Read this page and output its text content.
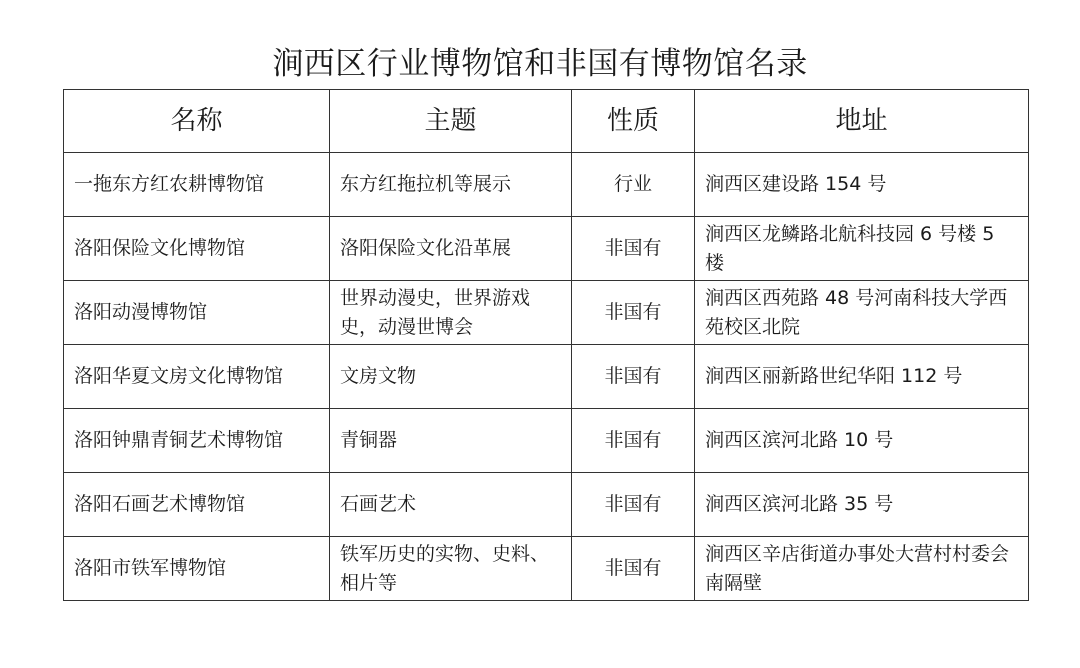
涧西区行业博物馆和非国有博物馆名录
名称	主题	性质	地址
一拖东方红农耕博物馆	东方红拖拉机等展示	行业	涧西区建设路 154 号
洛阳保险文化博物馆	洛阳保险文化沿革展	非国有	涧西区龙鳞路北航科技园 6 号楼 5 楼
洛阳动漫博物馆	世界动漫史，世界游戏史，动漫世博会	非国有	涧西区西苑路 48 号河南科技大学西苑校区北院
洛阳华夏文房文化博物馆	文房文物	非国有	涧西区丽新路世纪华阳 112 号
洛阳钟鼎青铜艺术博物馆	青铜器	非国有	涧西区滨河北路 10 号
洛阳石画艺术博物馆	石画艺术	非国有	涧西区滨河北路 35 号
洛阳市铁军博物馆	铁军历史的实物、史料、相片等	非国有	涧西区辛店街道办事处大营村村委会南隔壁
